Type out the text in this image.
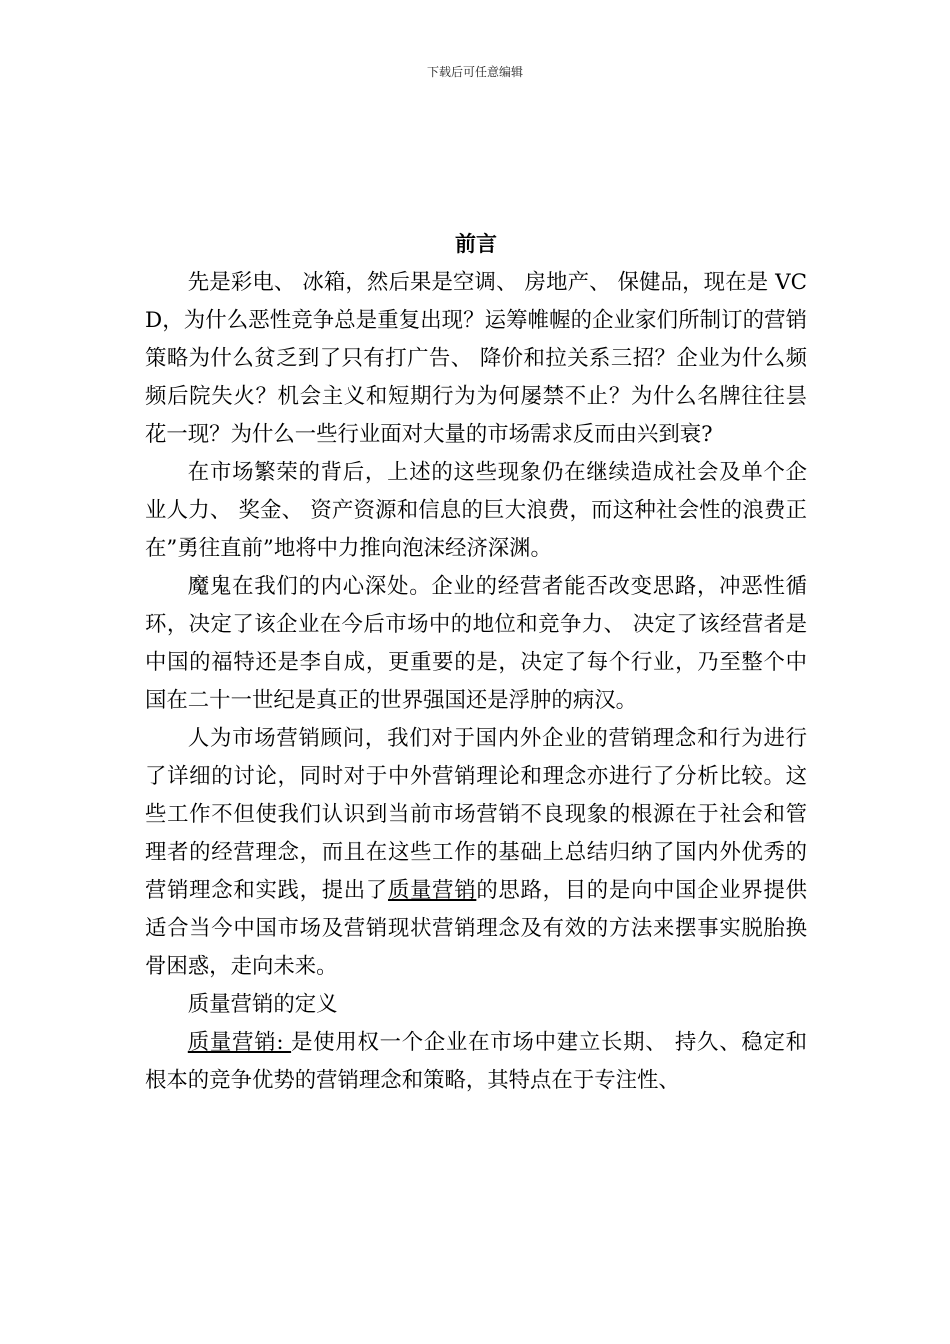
下载后可任意编辑
前言

先是彩电、 冰箱，然后果是空调、 房地产、 保健品，现在是 VCD，为什么恶性竞争总是重复出现？运筹帷幄的企业家们所制订的营销策略为什么贫乏到了只有打广告、 降价和拉关系三招？企业为什么频频后院失火？机会主义和短期行为为何屡禁不止？为什么名牌往往昙花一现？为什么一些行业面对大量的市场需求反而由兴到衰?

在市场繁荣的背后，上述的这些现象仍在继续造成社会及单个企业人力、 奖金、 资产资源和信息的巨大浪费，而这种社会性的浪费正在”勇往直前”地将中力推向泡沫经济深渊。

魔鬼在我们的内心深处。企业的经营者能否改变思路，冲恶性循环，决定了该企业在今后市场中的地位和竞争力、 决定了该经营者是中国的福特还是李自成，更重要的是，决定了每个行业，乃至整个中国在二十一世纪是真正的世界强国还是浮肿的病汉。

人为市场营销顾问，我们对于国内外企业的营销理念和行为进行了详细的讨论，同时对于中外营销理论和理念亦进行了分析比较。这些工作不但使我们认识到当前市场营销不良现象的根源在于社会和管理者的经营理念，而且在这些工作的基础上总结归纳了国内外优秀的营销理念和实践，提出了质量营销的思路，目的是向中国企业界提供适合当今中国市场及营销现状营销理念及有效的方法来摆事实脱胎换骨困惑，走向未来。

质量营销的定义

质量营销: 是使用权一个企业在市场中建立长期、 持久、稳定和根本的竞争优势的营销理念和策略，其特点在于专注性、
